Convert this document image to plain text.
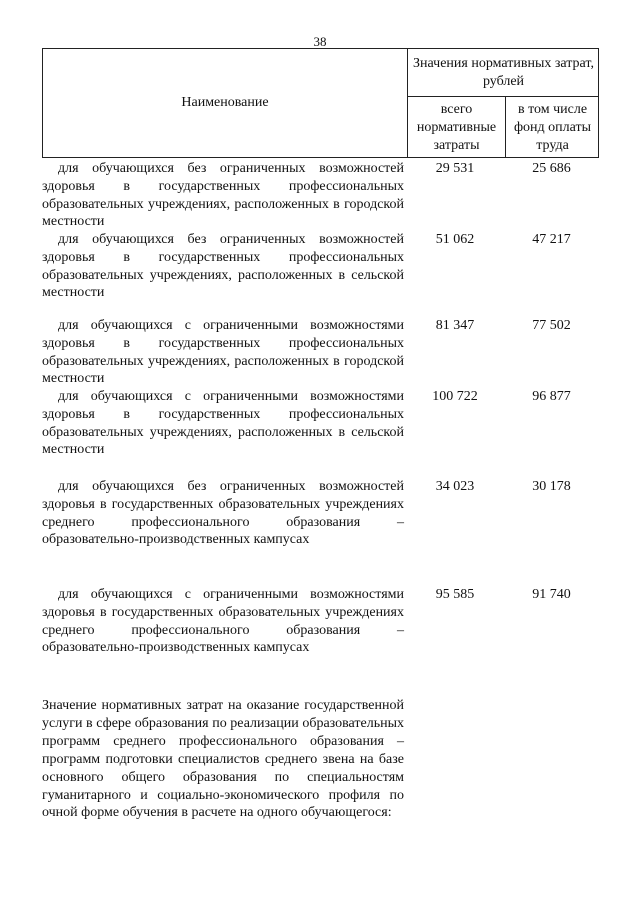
38
Наименование
Значения нормативных затрат, рублей
всего нормативные затраты
в том числе фонд оплаты труда
для обучающихся без ограниченных возможностей здоровья в государственных профессиональных образовательных учреждениях, расположенных в городской местности
29 531	25 686
для обучающихся без ограниченных возможностей здоровья в государственных профессиональных образовательных учреждениях, расположенных в сельской местности
51 062	47 217
для обучающихся с ограниченными возможностями здоровья в государственных профессиональных образовательных учреждениях, расположенных в городской местности
81 347	77 502
для обучающихся с ограниченными возможностями здоровья в государственных профессиональных образовательных учреждениях, расположенных в сельской местности
100 722	96 877
для обучающихся без ограниченных возможностей здоровья в государственных образовательных учреждениях среднего профессионального образования – образовательно-производственных кампусах
34 023	30 178
для обучающихся с ограниченными возможностями здоровья в государственных образовательных учреждениях среднего профессионального образования – образовательно-производственных кампусах
95 585	91 740
Значение нормативных затрат на оказание государственной услуги в сфере образования по реализации образовательных программ среднего профессионального образования – программ подготовки специалистов среднего звена на базе основного общего образования по специальностям гуманитарного и социально-экономического профиля по очной форме обучения в расчете на одного обучающегося:
